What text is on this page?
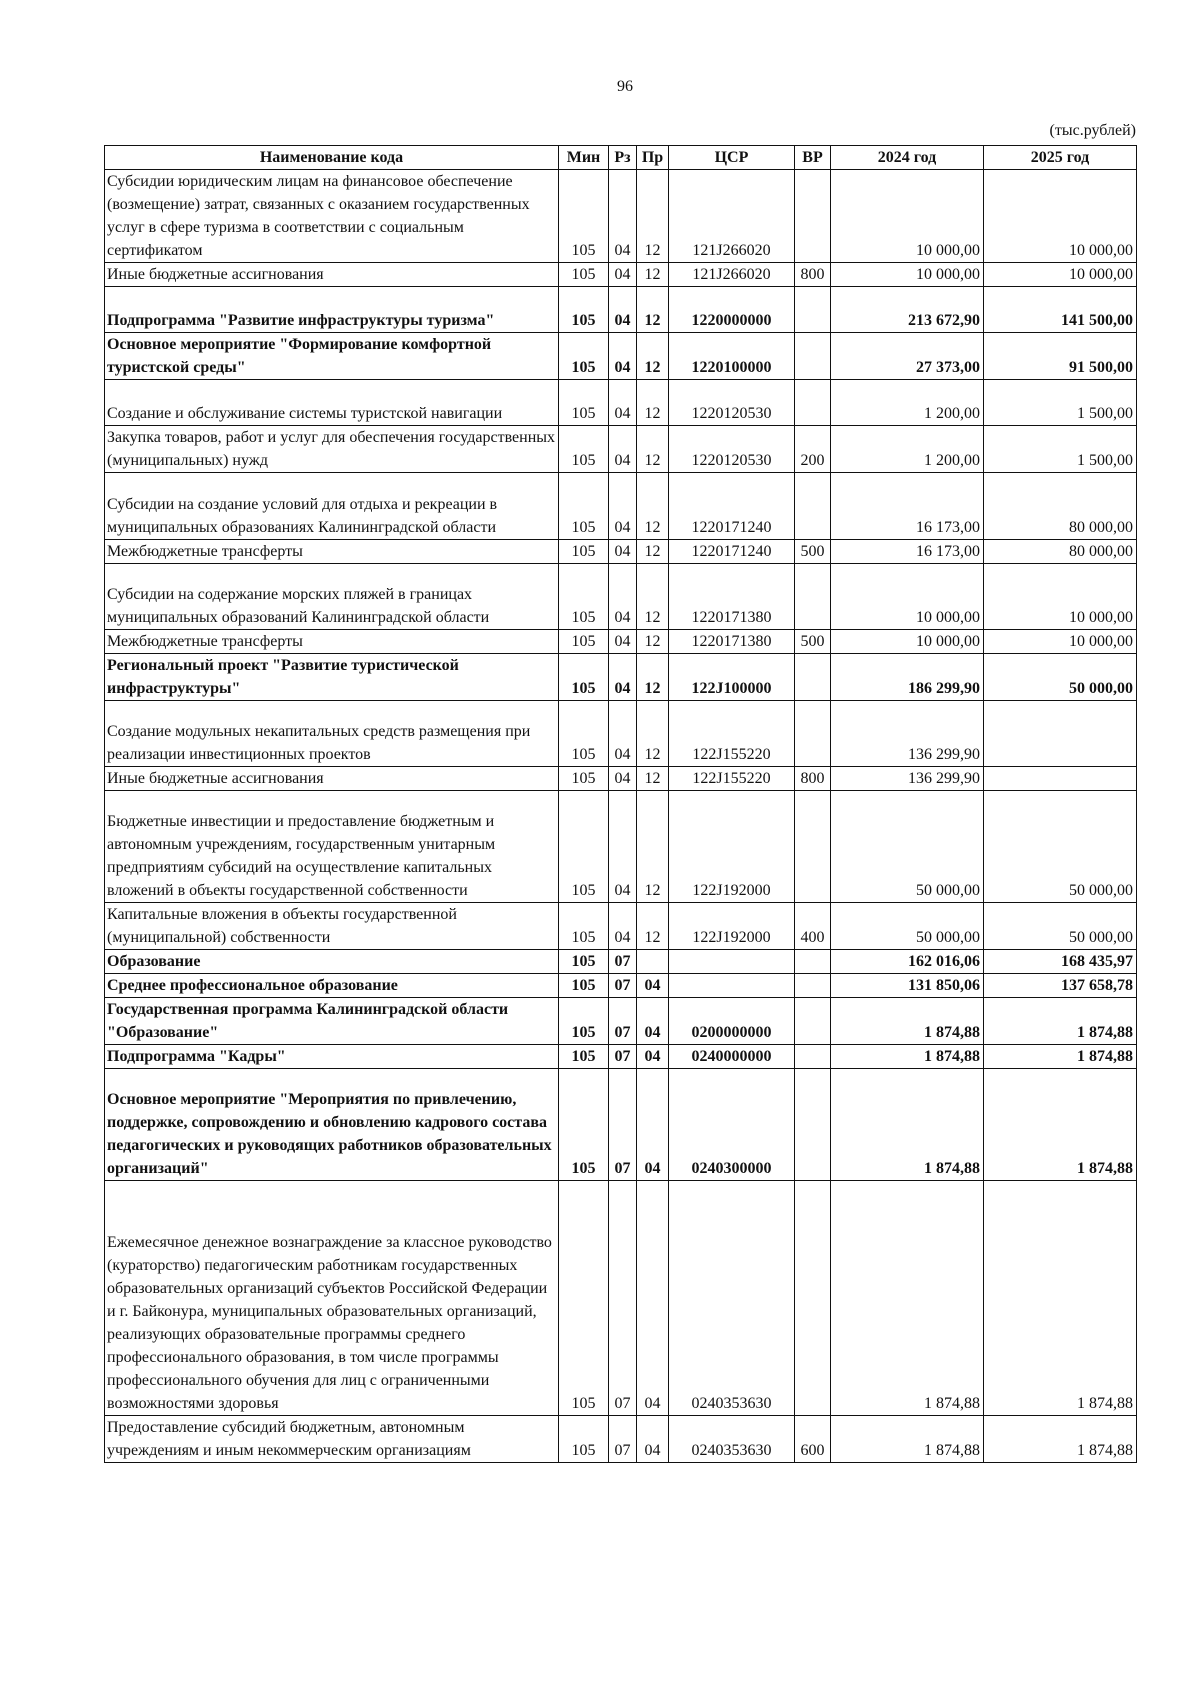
96
(тыс.рублей)
Наименование кода	Мин	Рз	Пр	ЦСР	ВР	2024 год	2025 год
Субсидии юридическим лицам на финансовое обеспечение (возмещение) затрат, связанных с оказанием государственных услуг в сфере туризма в соответствии с социальным сертификатом	105	04	12	121J266020		10 000,00	10 000,00
Иные бюджетные ассигнования	105	04	12	121J266020	800	10 000,00	10 000,00
Подпрограмма "Развитие инфраструктуры туризма"	105	04	12	1220000000		213 672,90	141 500,00
Основное мероприятие "Формирование комфортной туристской среды"	105	04	12	1220100000		27 373,00	91 500,00
Создание и обслуживание системы туристской навигации	105	04	12	1220120530		1 200,00	1 500,00
Закупка товаров, работ и услуг для обеспечения государственных (муниципальных) нужд	105	04	12	1220120530	200	1 200,00	1 500,00
Субсидии на создание условий для отдыха и рекреации в муниципальных образованиях Калининградской области	105	04	12	1220171240		16 173,00	80 000,00
Межбюджетные трансферты	105	04	12	1220171240	500	16 173,00	80 000,00
Субсидии на содержание морских пляжей в границах муниципальных образований Калининградской области	105	04	12	1220171380		10 000,00	10 000,00
Межбюджетные трансферты	105	04	12	1220171380	500	10 000,00	10 000,00
Региональный проект "Развитие туристической инфраструктуры"	105	04	12	122J100000		186 299,90	50 000,00
Создание модульных некапитальных средств размещения при реализации инвестиционных проектов	105	04	12	122J155220		136 299,90	
Иные бюджетные ассигнования	105	04	12	122J155220	800	136 299,90	
Бюджетные инвестиции и предоставление бюджетным и автономным учреждениям, государственным унитарным предприятиям субсидий на осуществление капитальных вложений в объекты государственной собственности	105	04	12	122J192000		50 000,00	50 000,00
Капитальные вложения в объекты государственной (муниципальной) собственности	105	04	12	122J192000	400	50 000,00	50 000,00
Образование	105	07				162 016,06	168 435,97
Среднее профессиональное образование	105	07	04			131 850,06	137 658,78
Государственная программа Калининградской области "Образование"	105	07	04	0200000000		1 874,88	1 874,88
Подпрограмма "Кадры"	105	07	04	0240000000		1 874,88	1 874,88
Основное мероприятие "Мероприятия по привлечению, поддержке, сопровождению и обновлению кадрового состава педагогических и руководящих работников образовательных организаций"	105	07	04	0240300000		1 874,88	1 874,88
Ежемесячное денежное вознаграждение за классное руководство (кураторство) педагогическим работникам государственных образовательных организаций субъектов Российской Федерации и г. Байконура, муниципальных образовательных организаций, реализующих образовательные программы среднего профессионального образования, в том числе программы профессионального обучения для лиц с ограниченными возможностями здоровья	105	07	04	0240353630		1 874,88	1 874,88
Предоставление субсидий бюджетным, автономным учреждениям и иным некоммерческим организациям	105	07	04	0240353630	600	1 874,88	1 874,88
